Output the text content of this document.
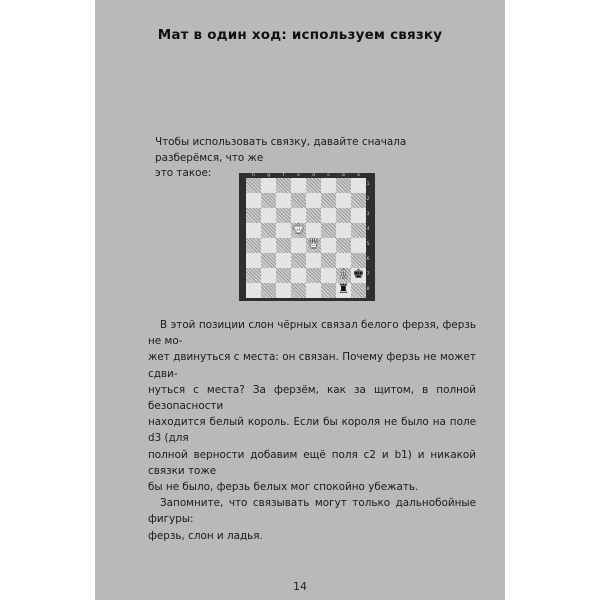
Мат в один ход: используем связку
Чтобы использовать связку, давайте сначала разберёмся, что же
это такое:
♚
♛
♗ ♚
♜

В этой позиции слон чёрных связал белого ферзя, ферзь не мо-

жет двинуться с места: он связан. Почему ферзь не может сдви-

нуться с места? За ферзём, как за щитом, в полной безопасности

находится белый король. Если бы короля не было на поле d3 (для

полной верности добавим ещё поля c2 и b1) и никакой связки тоже

бы не было, ферзь белых мог спокойно убежать.

Запомните, что связывать могут только дальнобойные фигуры:

ферзь, слон и ладья.

14
h	g	f	e	d	c	b	a
1
2
3
4
5
6
7
8
